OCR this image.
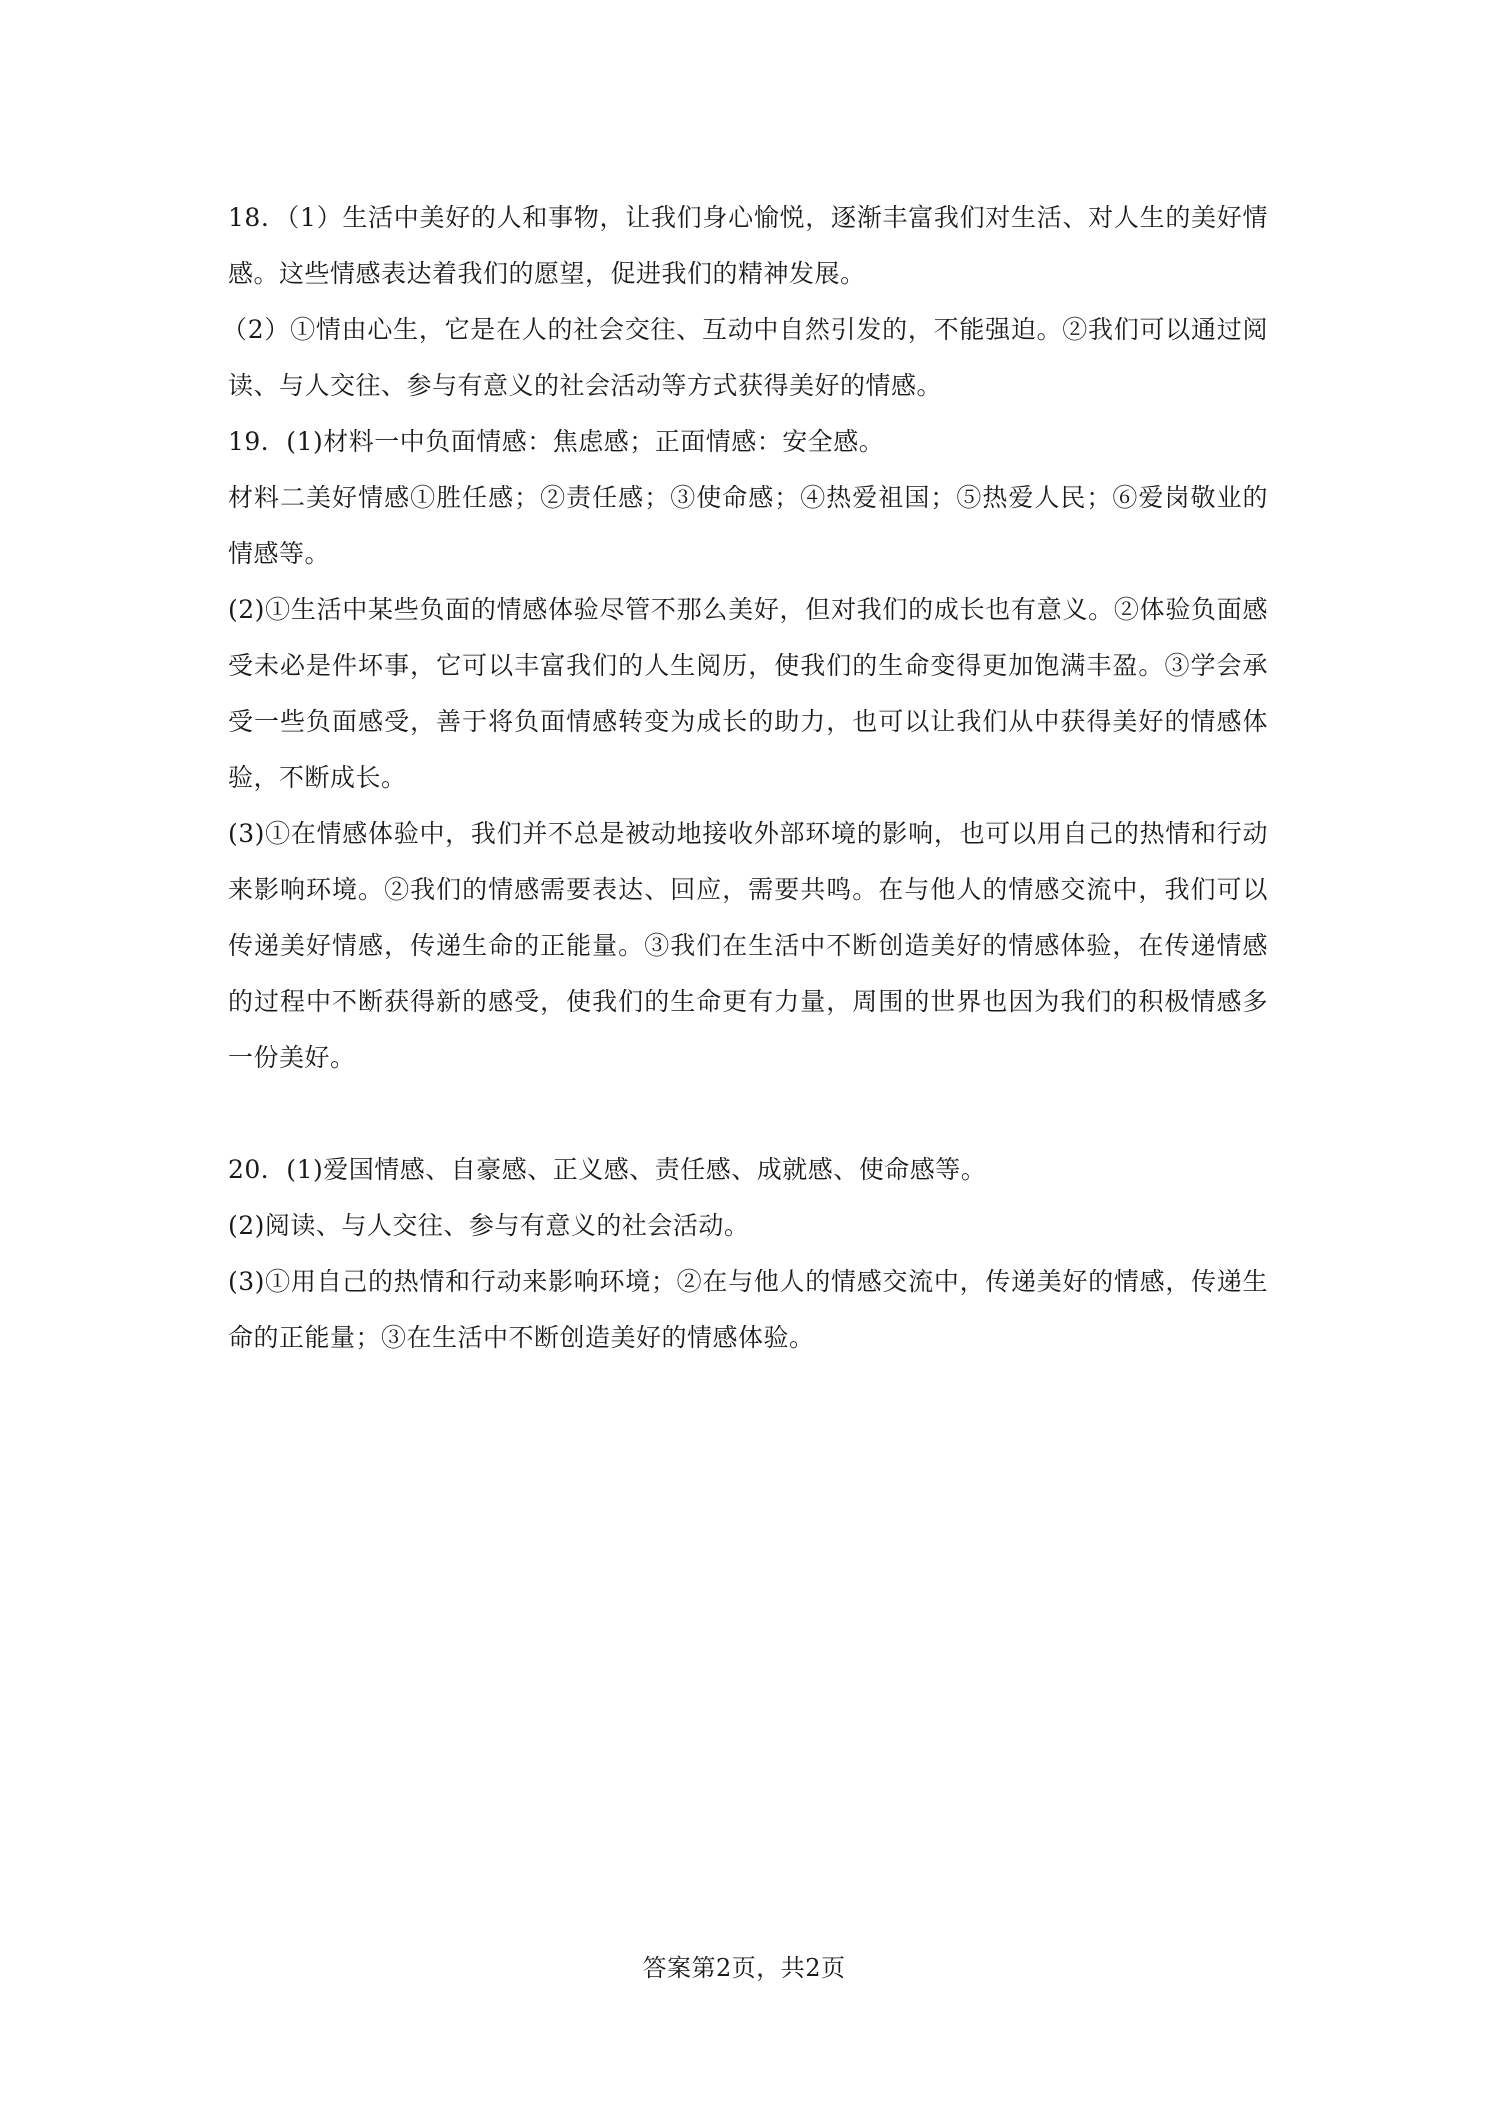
18．（1）生活中美好的人和事物，让我们身心愉悦，逐渐丰富我们对生活、对人生的美好情感。这些情感表达着我们的愿望，促进我们的精神发展。

（2）①情由心生，它是在人的社会交往、互动中自然引发的，不能强迫。②我们可以通过阅读、与人交往、参与有意义的社会活动等方式获得美好的情感。

19．(1)材料一中负面情感：焦虑感；正面情感：安全感。

材料二美好情感①胜任感；②责任感；③使命感；④热爱祖国；⑤热爱人民；⑥爱岗敬业的情感等。

(2)①生活中某些负面的情感体验尽管不那么美好，但对我们的成长也有意义。②体验负面感受未必是件坏事，它可以丰富我们的人生阅历，使我们的生命变得更加饱满丰盈。③学会承受一些负面感受，善于将负面情感转变为成长的助力，也可以让我们从中获得美好的情感体验，不断成长。

(3)①在情感体验中，我们并不总是被动地接收外部环境的影响，也可以用自己的热情和行动来影响环境。②我们的情感需要表达、回应，需要共鸣。在与他人的情感交流中，我们可以传递美好情感，传递生命的正能量。③我们在生活中不断创造美好的情感体验，在传递情感的过程中不断获得新的感受，使我们的生命更有力量，周围的世界也因为我们的积极情感多一份美好。

20．(1)爱国情感、自豪感、正义感、责任感、成就感、使命感等。

(2)阅读、与人交往、参与有意义的社会活动。

(3)①用自己的热情和行动来影响环境；②在与他人的情感交流中，传递美好的情感，传递生命的正能量；③在生活中不断创造美好的情感体验。

答案第2页，共2页
